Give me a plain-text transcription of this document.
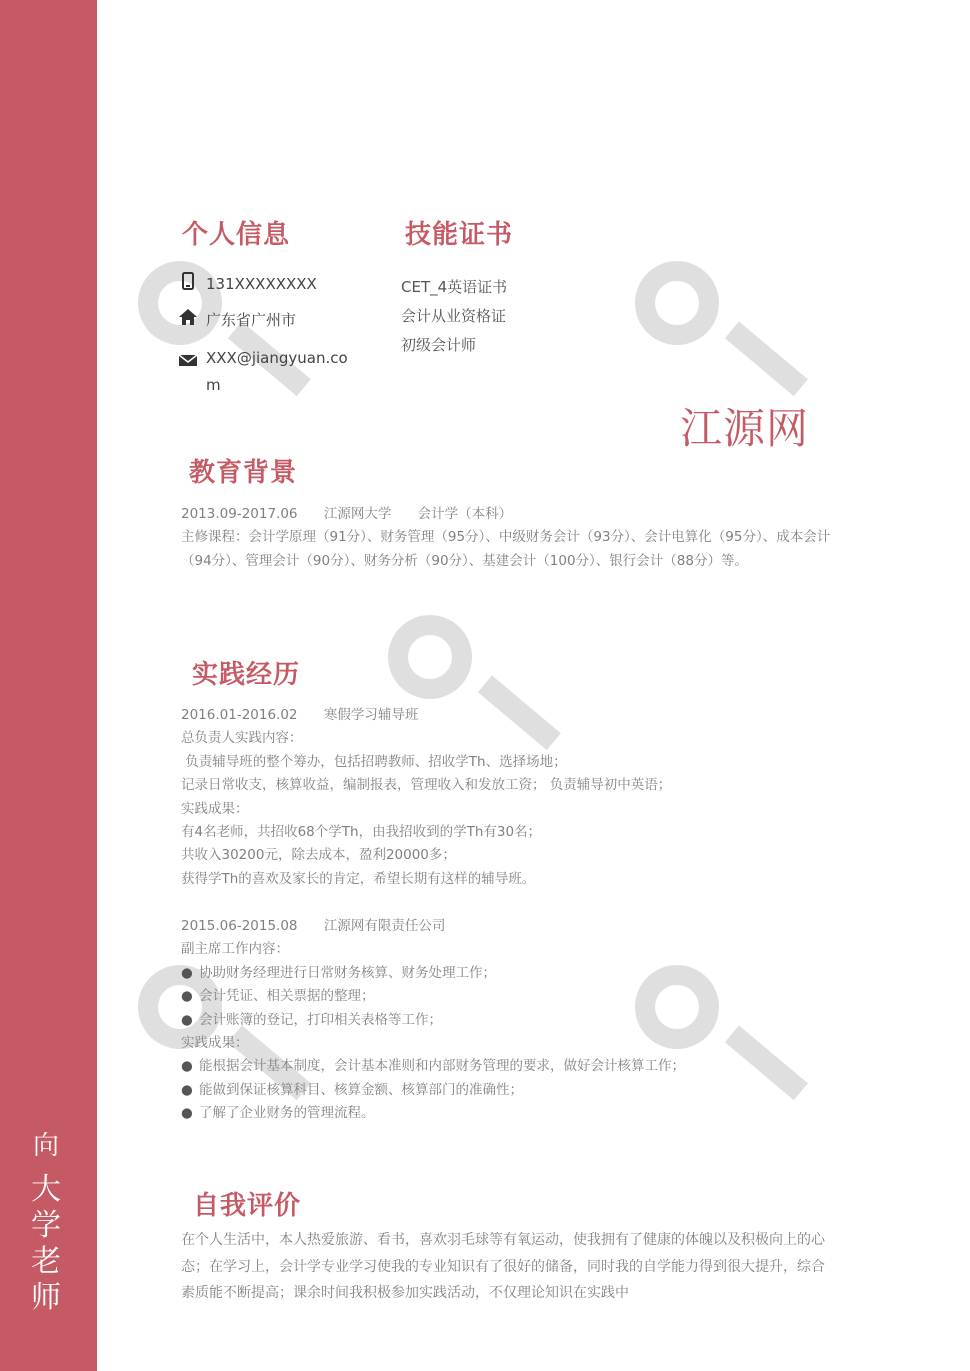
向
大
学
老
师
江源网
个人信息
131XXXXXXXX
广东省广州市
XXX@jiangyuan.com
技能证书
CET_4英语证书
会计从业资格证
初级会计师
教育背景

2013.09-2017.06 江源网大学 会计学（本科）

主修课程：会计学原理（91分）、财务管理（95分）、中级财务会计（93分）、会计电算化（95分）、成本会计（94分）、管理会计（90分）、财务分析（90分）、基建会计（100分）、银行会计（88分）等。

实践经历

2016.01-2016.02 寒假学习辅导班

总负责人实践内容：

负责辅导班的整个筹办，包括招聘教师、招收学Th、选择场地；

记录日常收支，核算收益，编制报表，管理收入和发放工资； 负责辅导初中英语；

实践成果：

有4名老师，共招收68个学Th，由我招收到的学Th有30名；

共收入30200元，除去成本，盈利20000多；

获得学Th的喜欢及家长的肯定，希望长期有这样的辅导班。

2015.06-2015.08 江源网有限责任公司

副主席工作内容：

● 协助财务经理进行日常财务核算、财务处理工作；
● 会计凭证、相关票据的整理；
● 会计账簿的登记，打印相关表格等工作；

实践成果：

● 能根据会计基本制度，会计基本准则和内部财务管理的要求，做好会计核算工作；
● 能做到保证核算科目、核算金额、核算部门的准确性；
● 了解了企业财务的管理流程。
自我评价
在个人生活中，本人热爱旅游、看书，喜欢羽毛球等有氧运动，使我拥有了健康的体魄以及积极向上的心态；在学习上，会计学专业学习使我的专业知识有了很好的储备，同时我的自学能力得到很大提升，综合素质能不断提高；课余时间我积极参加实践活动，不仅理论知识在实践中
